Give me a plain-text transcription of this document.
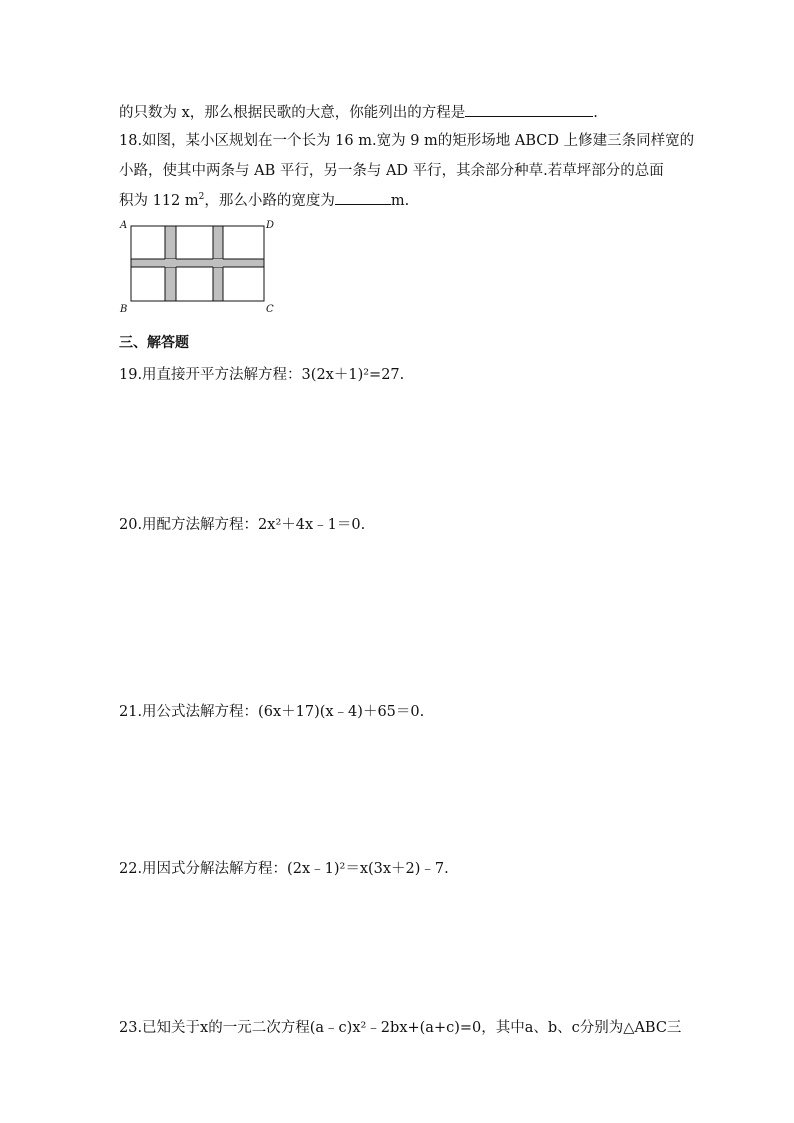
的只数为 x，那么根据民歌的大意，你能列出的方程是	.
18.如图，某小区规划在一个长为 16 m.宽为 9 m的矩形场地 ABCD 上修建三条同样宽的
小路，使其中两条与 AB 平行，另一条与 AD 平行，其余部分种草.若草坪部分的总面
积为 112 $m^2$，那么小路的宽度为	m.
A
B	C
D
三、解答题
19.用直接开平方法解方程：3(2x＋1)²=27.
20.用配方法解方程：2x²＋4x﹣1＝0.
21.用公式法解方程：(6x＋17)(x﹣4)＋65＝0.
22.用因式分解法解方程：(2x﹣1)²＝x(3x＋2)﹣7.
23.已知关于x的一元二次方程(a﹣c)x²﹣2bx+(a+c)=0，其中a、b、c分别为△ABC三
